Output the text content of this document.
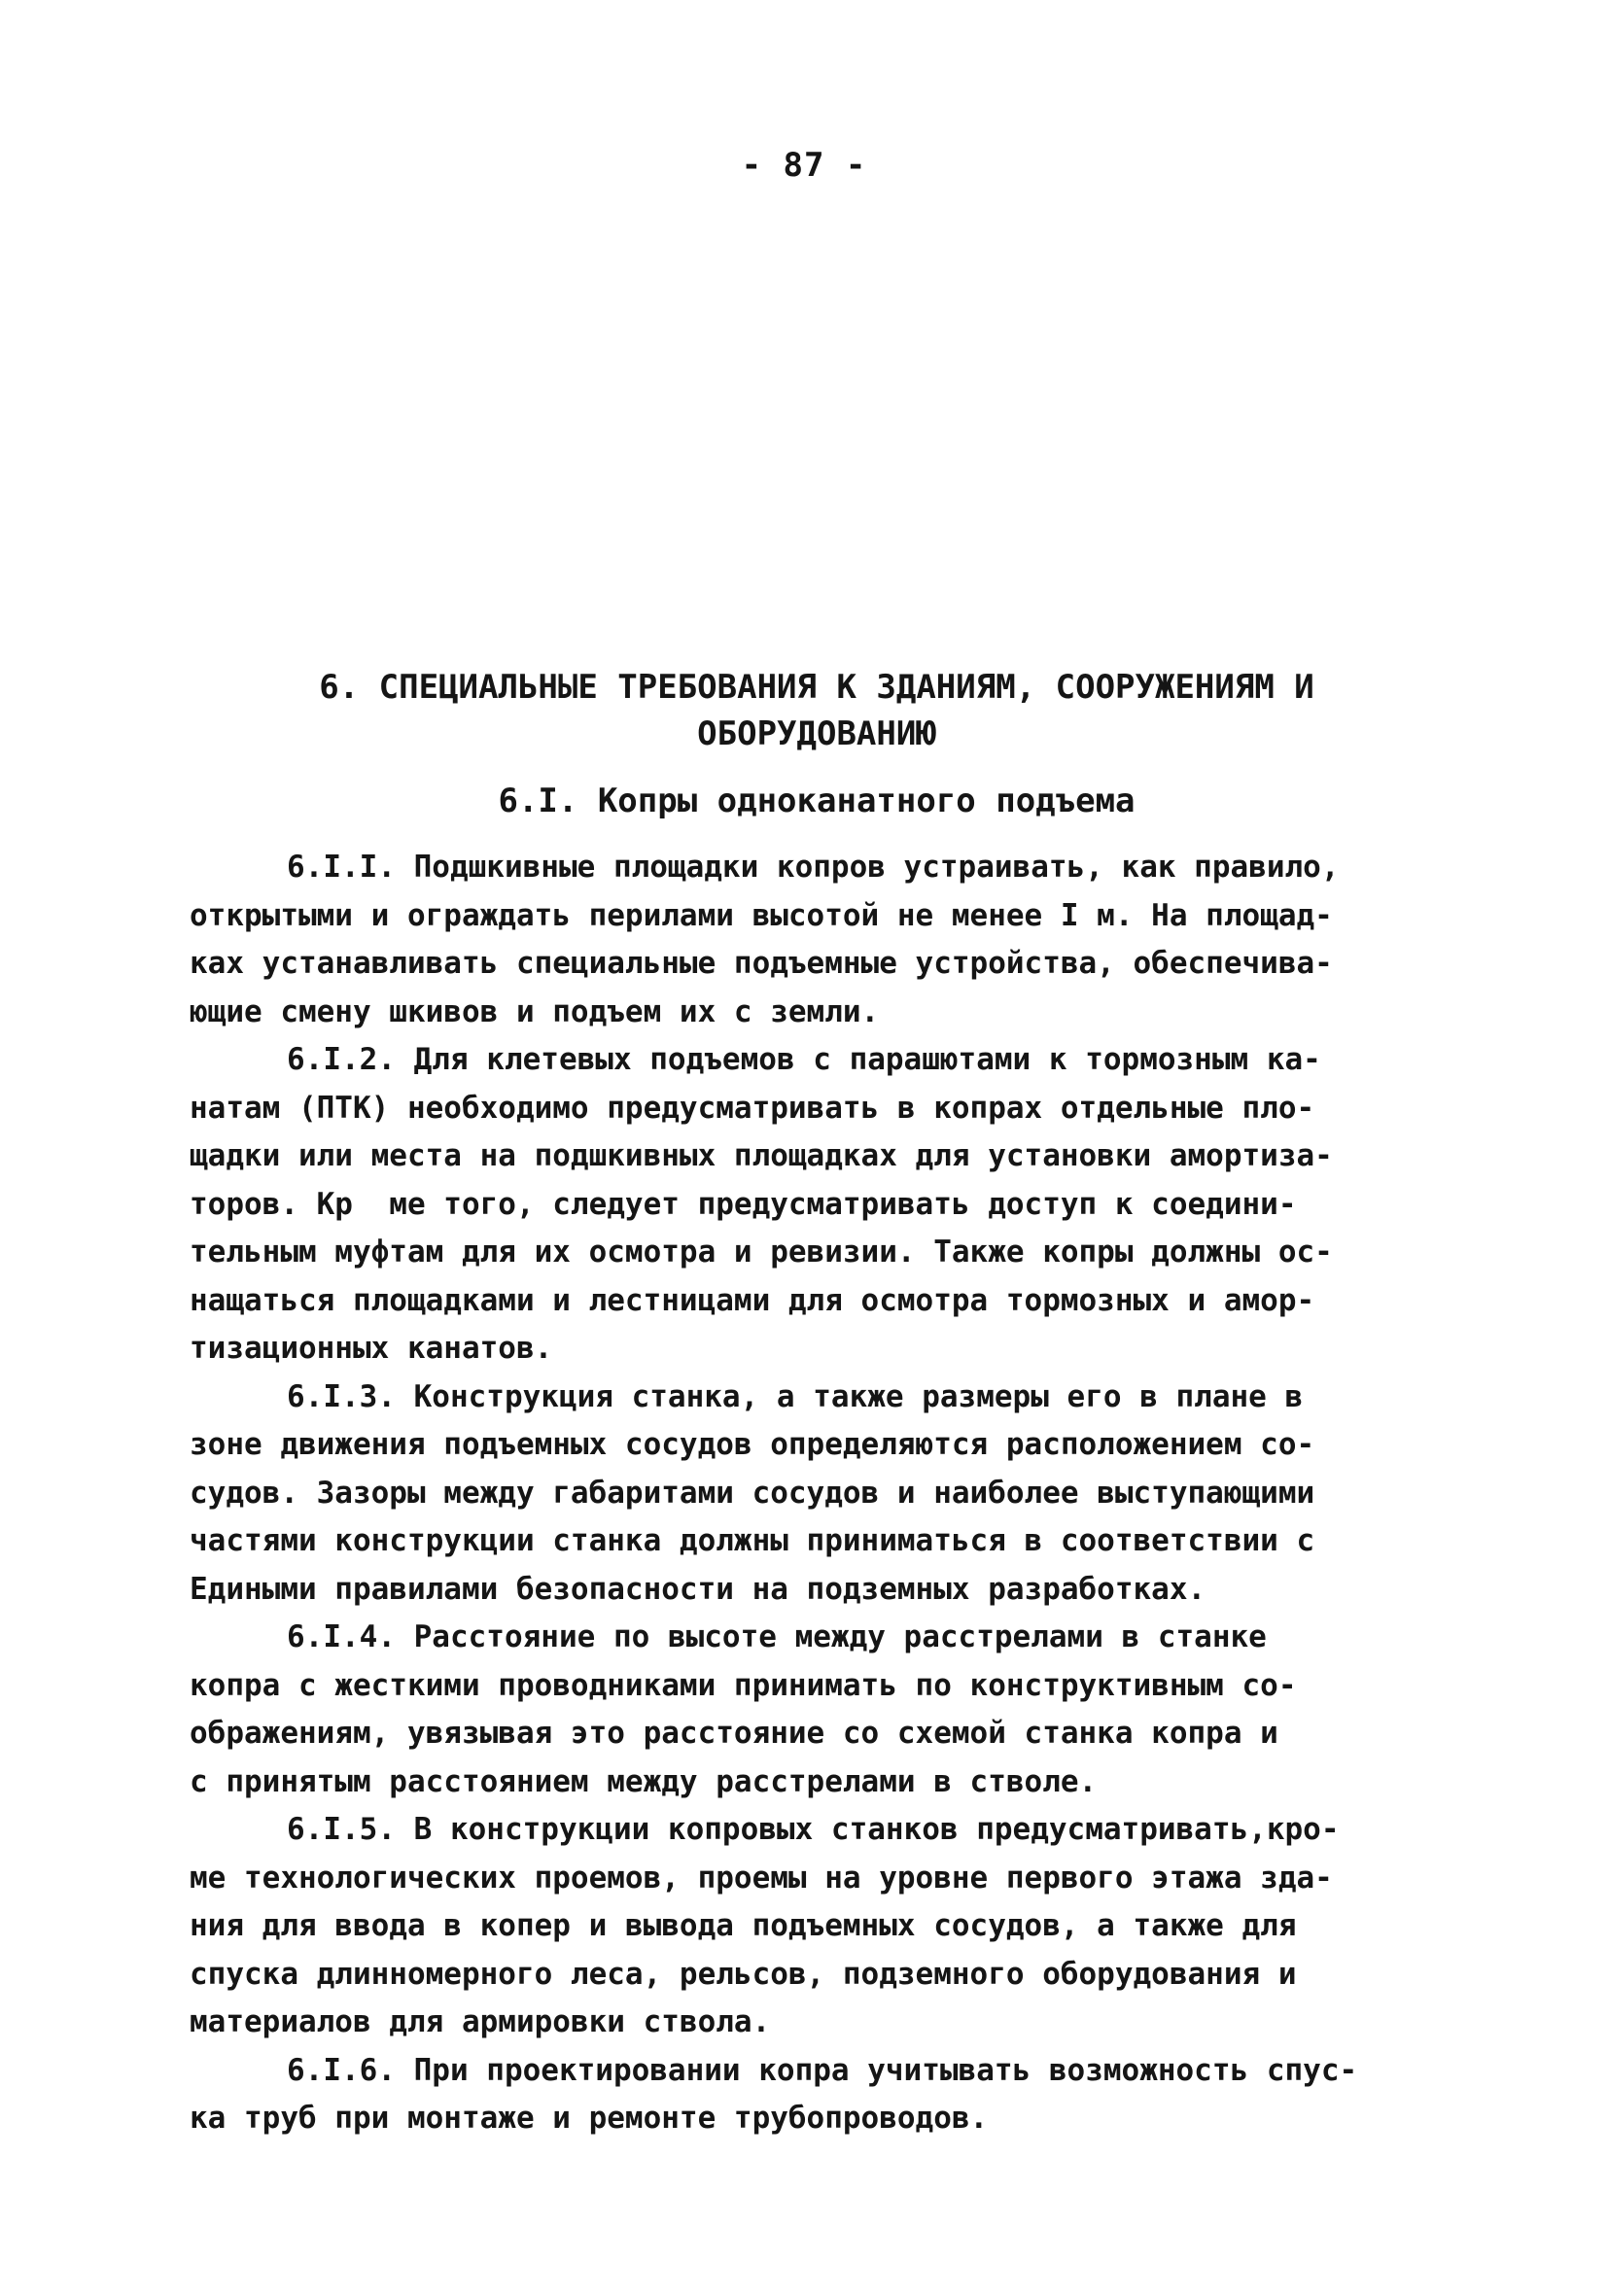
- 87 -
6. СПЕЦИАЛЬНЫЕ ТРЕБОВАНИЯ К ЗДАНИЯМ, СООРУЖЕНИЯМ И
ОБОРУДОВАНИЮ
6.I. Копры одноканатного подъема
6.I.I. Подшкивные площадки копров устраивать, как правило,
открытыми и ограждать перилами высотой не менее I м. На площад-
ках устанавливать специальные подъемные устройства, обеспечива-
ющие смену шкивов и подъем их с земли.
6.I.2. Для клетевых подъемов с парашютами к тормозным ка-
натам (ПТК) необходимо предусматривать в копрах отдельные пло-
щадки или места на подшкивных площадках для установки амортиза-
торов. Кр  ме того, следует предусматривать доступ к соедини-
тельным муфтам для их осмотра и ревизии. Также копры должны ос-
нащаться площадками и лестницами для осмотра тормозных и амор-
тизационных канатов.
6.I.3. Конструкция станка, а также размеры его в плане в
зоне движения подъемных сосудов определяются расположением со-
судов. Зазоры между габаритами сосудов и наиболее выступающими
частями конструкции станка должны приниматься в соответствии с
Едиными правилами безопасности на подземных разработках.
6.I.4. Расстояние по высоте между расстрелами в станке
копра с жесткими проводниками принимать по конструктивным со-
ображениям, увязывая это расстояние со схемой станка копра и
с принятым расстоянием между расстрелами в стволе.
6.I.5. В конструкции копровых станков предусматривать,кро-
ме технологических проемов, проемы на уровне первого этажа зда-
ния для ввода в копер и вывода подъемных сосудов, а также для
спуска длинномерного леса, рельсов, подземного оборудования и
материалов для армировки ствола.
6.I.6. При проектировании копра учитывать возможность спус-
ка труб при монтаже и ремонте трубопроводов.
